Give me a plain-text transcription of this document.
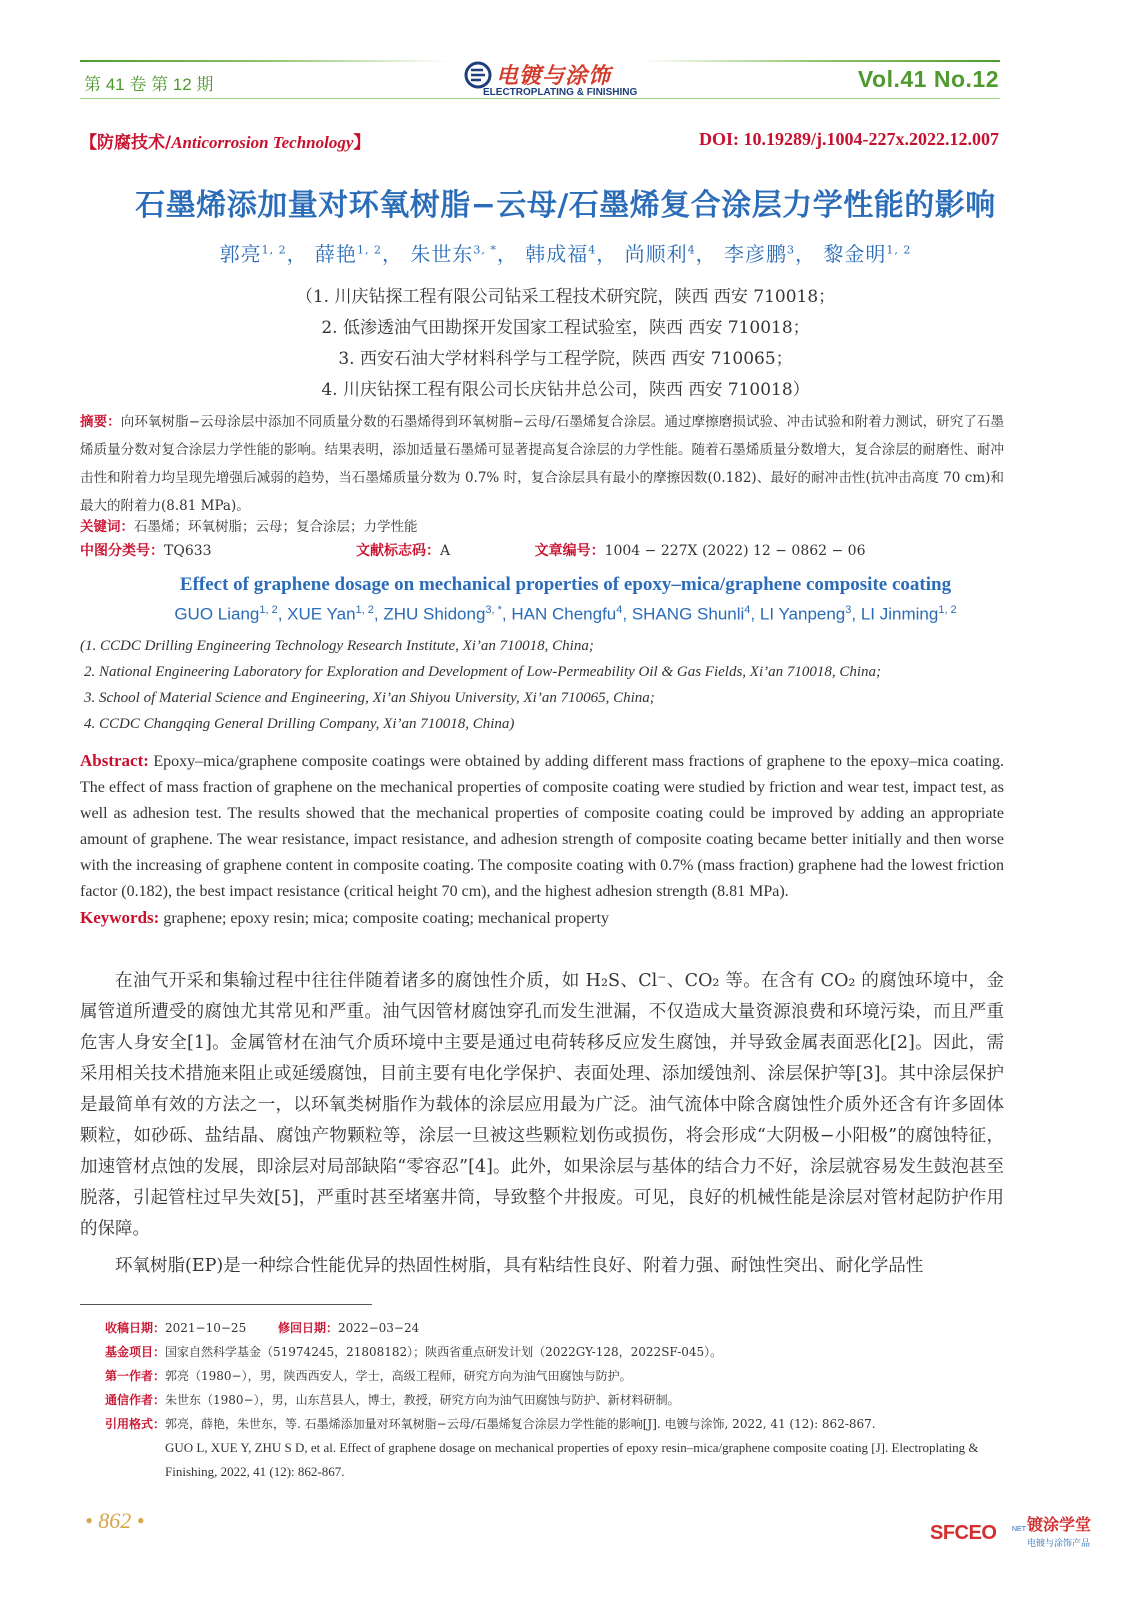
第 41 卷 第 12 期	Vol.41 No.12
电镀与涂饰
ELECTROPLATING & FINISHING
【防腐技术/Anticorrosion Technology】	DOI: 10.19289/j.1004-227x.2022.12.007
石墨烯添加量对环氧树脂−云母/石墨烯复合涂层力学性能的影响
郭亮$^{1, 2}$， 薛艳$^{1, 2}$， 朱世东$^{3, *}$， 韩成福$^4$， 尚顺利$^4$， 李彦鹏$^3$， 黎金明$^{1, 2}$
（1. 川庆钻探工程有限公司钻采工程技术研究院，陕西 西安 710018；
2. 低渗透油气田勘探开发国家工程试验室，陕西 西安 710018；
3. 西安石油大学材料科学与工程学院，陕西 西安 710065；
4. 川庆钻探工程有限公司长庆钻井总公司，陕西 西安 710018）
摘要：向环氧树脂−云母涂层中添加不同质量分数的石墨烯得到环氧树脂−云母/石墨烯复合涂层。通过摩擦磨损试验、冲击试验和附着力测试，研究了石墨烯质量分数对复合涂层力学性能的影响。结果表明，添加适量石墨烯可显著提高复合涂层的力学性能。随着石墨烯质量分数增大，复合涂层的耐磨性、耐冲击性和附着力均呈现先增强后减弱的趋势，当石墨烯质量分数为 0.7% 时，复合涂层具有最小的摩擦因数(0.182)、最好的耐冲击性(抗冲击高度 70 cm)和最大的附着力(8.81 MPa)。
关键词：石墨烯；环氧树脂；云母；复合涂层；力学性能
中图分类号：TQ633	文献标志码：A	文章编号：1004 − 227X (2022) 12 − 0862 − 06
Effect of graphene dosage on mechanical properties of epoxy–mica/graphene composite coating
GUO Liang$^{1, 2}$, XUE Yan$^{1, 2}$, ZHU Shidong$^{3, *}$, HAN Chengfu$^4$, SHANG Shunli$^4$, LI Yanpeng$^3$, LI Jinming$^{1, 2}$
(1. CCDC Drilling Engineering Technology Research Institute, Xi’an 710018, China;
2. National Engineering Laboratory for Exploration and Development of Low-Permeability Oil & Gas Fields, Xi’an 710018, China;
3. School of Material Science and Engineering, Xi’an Shiyou University, Xi’an 710065, China;
4. CCDC Changqing General Drilling Company, Xi’an 710018, China)
Abstract: Epoxy–mica/graphene composite coatings were obtained by adding different mass fractions of graphene to the epoxy–mica coating. The effect of mass fraction of graphene on the mechanical properties of composite coating were studied by friction and wear test, impact test, as well as adhesion test. The results showed that the mechanical properties of composite coating could be improved by adding an appropriate amount of graphene. The wear resistance, impact resistance, and adhesion strength of composite coating became better initially and then worse with the increasing of graphene content in composite coating. The composite coating with 0.7% (mass fraction) graphene had the lowest friction factor (0.182), the best impact resistance (critical height 70 cm), and the highest adhesion strength (8.81 MPa).
Keywords: graphene; epoxy resin; mica; composite coating; mechanical property
在油气开采和集输过程中往往伴随着诸多的腐蚀性介质，如 H₂S、Cl⁻、CO₂ 等。在含有 CO₂ 的腐蚀环境中，金属管道所遭受的腐蚀尤其常见和严重。油气因管材腐蚀穿孔而发生泄漏，不仅造成大量资源浪费和环境污染，而且严重危害人身安全[1]。金属管材在油气介质环境中主要是通过电荷转移反应发生腐蚀，并导致金属表面恶化[2]。因此，需采用相关技术措施来阻止或延缓腐蚀，目前主要有电化学保护、表面处理、添加缓蚀剂、涂层保护等[3]。其中涂层保护是最简单有效的方法之一，以环氧类树脂作为载体的涂层应用最为广泛。油气流体中除含腐蚀性介质外还含有许多固体颗粒，如砂砾、盐结晶、腐蚀产物颗粒等，涂层一旦被这些颗粒划伤或损伤，将会形成“大阴极−小阳极”的腐蚀特征，加速管材点蚀的发展，即涂层对局部缺陷“零容忍”[4]。此外，如果涂层与基体的结合力不好，涂层就容易发生鼓泡甚至脱落，引起管柱过早失效[5]，严重时甚至堵塞井筒，导致整个井报废。可见，良好的机械性能是涂层对管材起防护作用的保障。
环氧树脂(EP)是一种综合性能优异的热固性树脂，具有粘结性良好、附着力强、耐蚀性突出、耐化学品性
收稿日期：2021−10−25	修回日期：2022−03−24
基金项目：国家自然科学基金（51974245，21808182）；陕西省重点研发计划（2022GY-128，2022SF-045）。
第一作者：郭亮（1980−），男，陕西西安人，学士，高级工程师，研究方向为油气田腐蚀与防护。
通信作者：朱世东（1980−），男，山东莒县人，博士，教授，研究方向为油气田腐蚀与防护、新材料研制。
引用格式： 郭亮，薛艳，朱世东，等. 石墨烯添加量对环氧树脂−云母/石墨烯复合涂层力学性能的影响[J]. 电镀与涂饰, 2022, 41 (12): 862-867.
GUO L, XUE Y, ZHU S D, et al. Effect of graphene dosage on mechanical properties of epoxy resin–mica/graphene composite coating [J]. Electroplating & Finishing, 2022, 41 (12): 862-867.
• 862 •	SFCEO NET 镀涂学堂
电镀与涂饰产品
